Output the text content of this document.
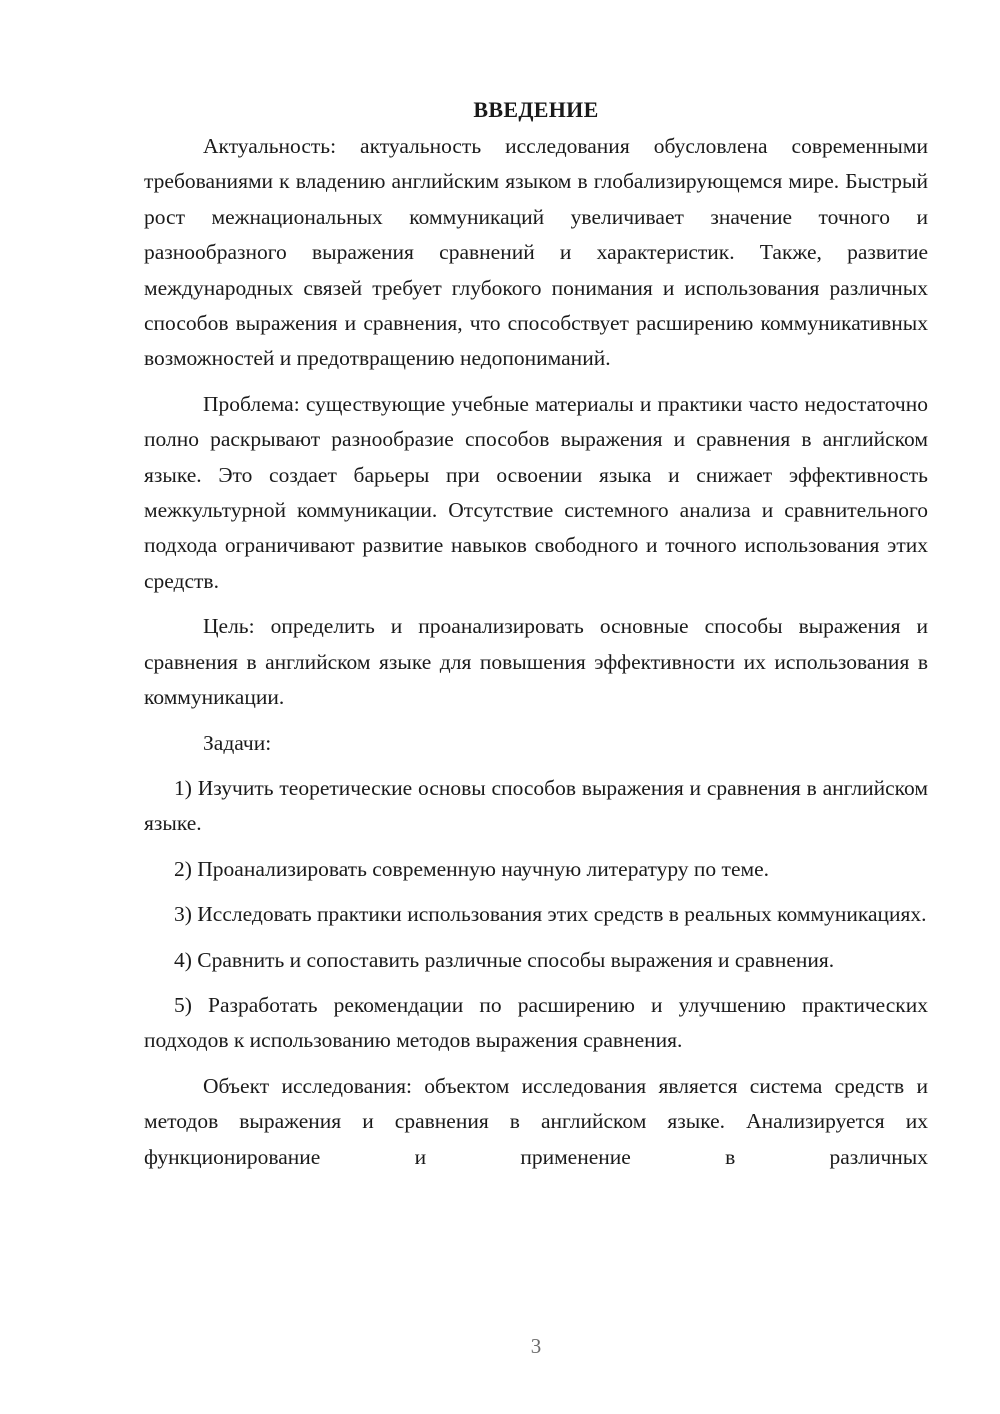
ВВЕДЕНИЕ

Актуальность: актуальность исследования обусловлена современными требованиями к владению английским языком в глобализирующемся мире. Быстрый рост межнациональных коммуникаций увеличивает значение точного и разнообразного выражения сравнений и характеристик. Также, развитие международных связей требует глубокого понимания и использования различных способов выражения и сравнения, что способствует расширению коммуникативных возможностей и предотвращению недопониманий.

Проблема: существующие учебные материалы и практики часто недостаточно полно раскрывают разнообразие способов выражения и сравнения в английском языке. Это создает барьеры при освоении языка и снижает эффективность межкультурной коммуникации. Отсутствие системного анализа и сравнительного подхода ограничивают развитие навыков свободного и точного использования этих средств.

Цель: определить и проанализировать основные способы выражения и сравнения в английском языке для повышения эффективности их использования в коммуникации.

Задачи:

1) Изучить теоретические основы способов выражения и сравнения в английском языке.

2) Проанализировать современную научную литературу по теме.

3) Исследовать практики использования этих средств в реальных коммуникациях.

4) Сравнить и сопоставить различные способы выражения и сравнения.

5) Разработать рекомендации по расширению и улучшению практических подходов к использованию методов выражения сравнения.

Объект исследования: объектом исследования является система средств и методов выражения и сравнения в английском языке. Анализируется их функционирование и применение в различных

3
